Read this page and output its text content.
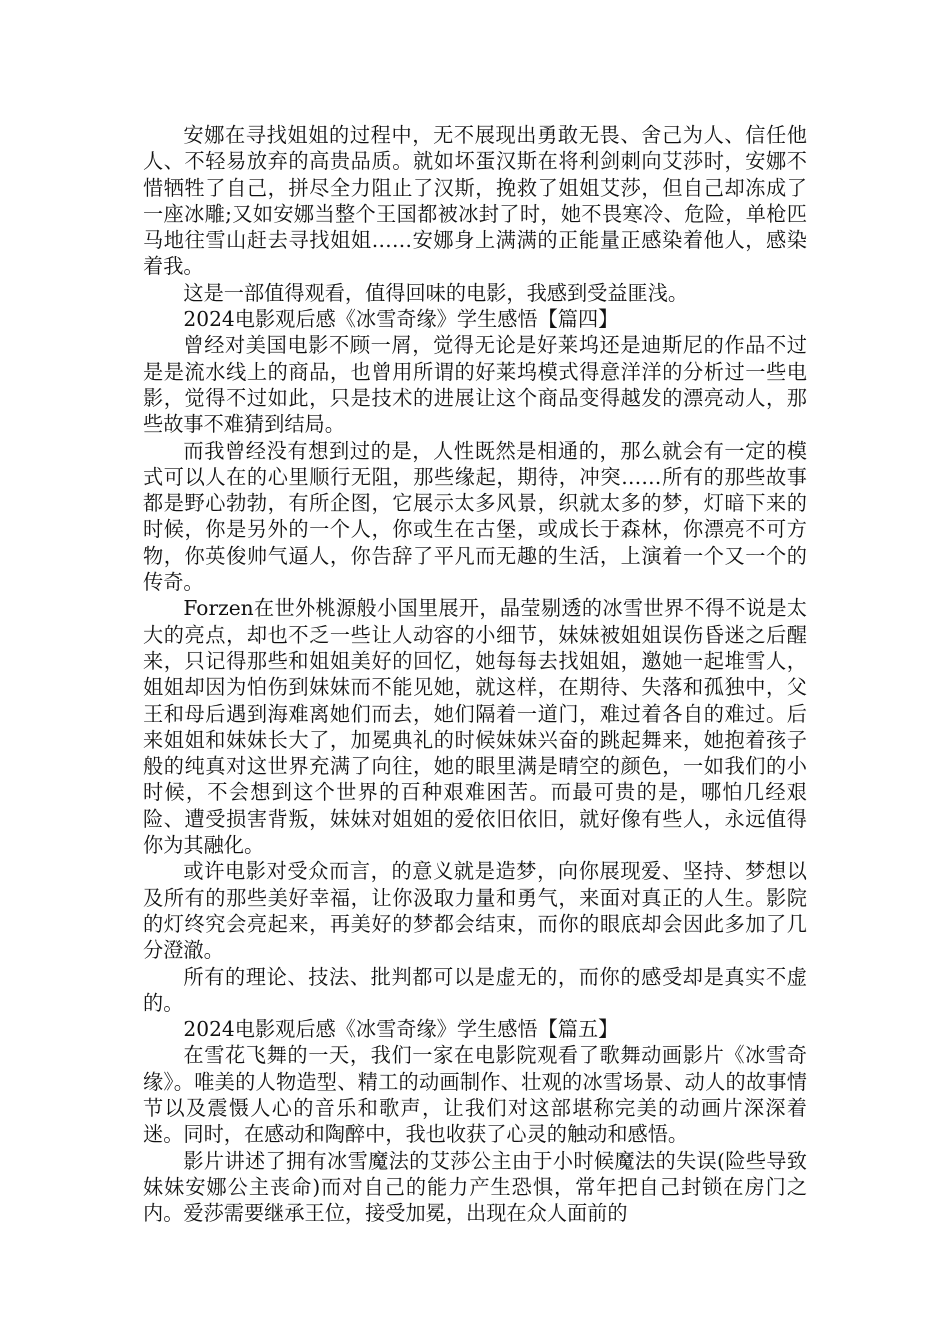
安娜在寻找姐姐的过程中，无不展现出勇敢无畏、舍己为人、信任他人、不轻易放弃的高贵品质。就如坏蛋汉斯在将利剑刺向艾莎时，安娜不惜牺牲了自己，拼尽全力阻止了汉斯，挽救了姐姐艾莎，但自己却冻成了一座冰雕;又如安娜当整个王国都被冰封了时，她不畏寒冷、危险，单枪匹马地往雪山赶去寻找姐姐……安娜身上满满的正能量正感染着他人，感染着我。

这是一部值得观看，值得回味的电影，我感到受益匪浅。

2024电影观后感《冰雪奇缘》学生感悟【篇四】

曾经对美国电影不顾一屑，觉得无论是好莱坞还是迪斯尼的作品不过是是流水线上的商品，也曾用所谓的好莱坞模式得意洋洋的分析过一些电影，觉得不过如此，只是技术的进展让这个商品变得越发的漂亮动人，那些故事不难猜到结局。

而我曾经没有想到过的是，人性既然是相通的，那么就会有一定的模式可以人在的心里顺行无阻，那些缘起，期待，冲突……所有的那些故事都是野心勃勃，有所企图，它展示太多风景，织就太多的梦，灯暗下来的时候，你是另外的一个人，你或生在古堡，或成长于森林，你漂亮不可方物，你英俊帅气逼人，你告辞了平凡而无趣的生活，上演着一个又一个的传奇。

Forzen在世外桃源般小国里展开，晶莹剔透的冰雪世界不得不说是太大的亮点，却也不乏一些让人动容的小细节，妹妹被姐姐误伤昏迷之后醒来，只记得那些和姐姐美好的回忆，她每每去找姐姐，邀她一起堆雪人，姐姐却因为怕伤到妹妹而不能见她，就这样，在期待、失落和孤独中，父王和母后遇到海难离她们而去，她们隔着一道门，难过着各自的难过。后来姐姐和妹妹长大了，加冕典礼的时候妹妹兴奋的跳起舞来，她抱着孩子般的纯真对这世界充满了向往，她的眼里满是晴空的颜色，一如我们的小时候，不会想到这个世界的百种艰难困苦。而最可贵的是，哪怕几经艰险、遭受损害背叛，妹妹对姐姐的爱依旧依旧，就好像有些人，永远值得你为其融化。

或许电影对受众而言，的意义就是造梦，向你展现爱、坚持、梦想以及所有的那些美好幸福，让你汲取力量和勇气，来面对真正的人生。影院的灯终究会亮起来，再美好的梦都会结束，而你的眼底却会因此多加了几分澄澈。

所有的理论、技法、批判都可以是虚无的，而你的感受却是真实不虚的。

2024电影观后感《冰雪奇缘》学生感悟【篇五】

在雪花飞舞的一天，我们一家在电影院观看了歌舞动画影片《冰雪奇缘》。唯美的人物造型、精工的动画制作、壮观的冰雪场景、动人的故事情节以及震慑人心的音乐和歌声，让我们对这部堪称完美的动画片深深着迷。同时，在感动和陶醉中，我也收获了心灵的触动和感悟。

影片讲述了拥有冰雪魔法的艾莎公主由于小时候魔法的失误(险些导致妹妹安娜公主丧命)而对自己的能力产生恐惧，常年把自己封锁在房门之内。爱莎需要继承王位，接受加冕，出现在众人面前的
